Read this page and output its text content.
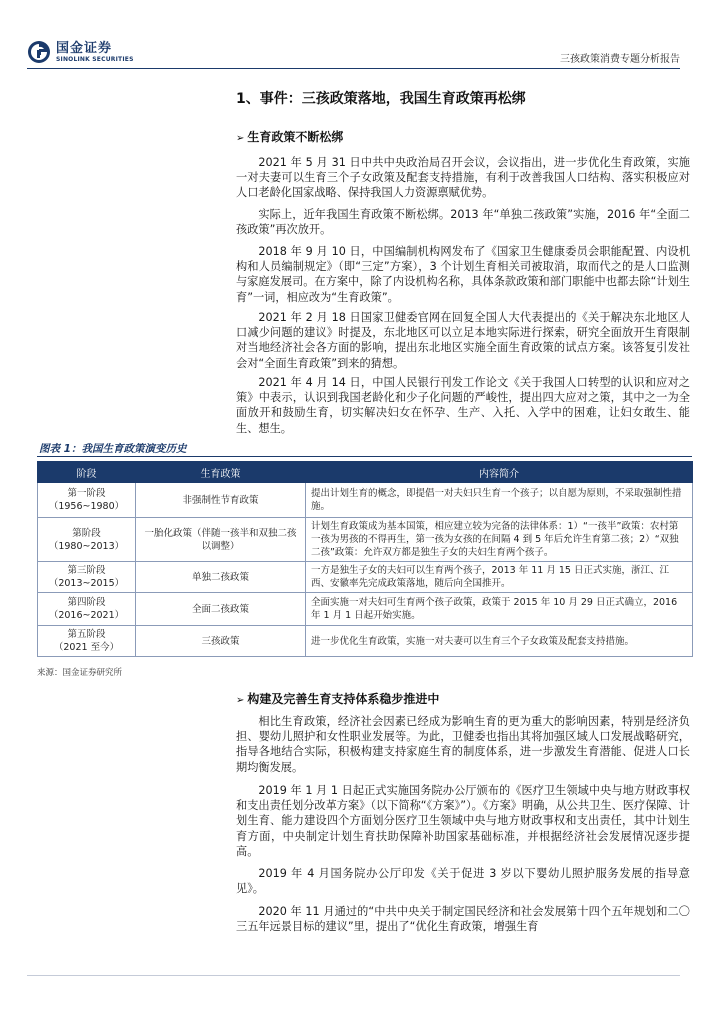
国金证券
SINOLINK SECURITIES	三孩政策消费专题分析报告
1、事件：三孩政策落地，我国生育政策再松绑
➢ 生育政策不断松绑

2021 年 5 月 31 日中共中央政治局召开会议，会议指出，进一步优化生育政策，实施一对夫妻可以生育三个子女政策及配套支持措施，有利于改善我国人口结构、落实积极应对人口老龄化国家战略、保持我国人力资源禀赋优势。

实际上，近年我国生育政策不断松绑。2013 年“单独二孩政策”实施，2016 年“全面二孩政策”再次放开。

2018 年 9 月 10 日，中国编制机构网发布了《国家卫生健康委员会职能配置、内设机构和人员编制规定》（即“三定”方案），3 个计划生育相关司被取消，取而代之的是人口监测与家庭发展司。在方案中，除了内设机构名称，具体条款政策和部门职能中也都去除“计划生育”一词，相应改为“生育政策”。

2021 年 2 月 18 日国家卫健委官网在回复全国人大代表提出的《关于解决东北地区人口减少问题的建议》时提及，东北地区可以立足本地实际进行探索，研究全面放开生育限制对当地经济社会各方面的影响，提出东北地区实施全面生育政策的试点方案。该答复引发社会对“全面生育政策”到来的猜想。

2021 年 4 月 14 日，中国人民银行刊发工作论文《关于我国人口转型的认识和应对之策》中表示，认识到我国老龄化和少子化问题的严峻性，提出四大应对之策，其中之一为全面放开和鼓励生育，切实解决妇女在怀孕、生产、入托、入学中的困难，让妇女敢生、能生、想生。

图表 1：我国生育政策演变历史
阶段	生育政策	内容简介

第一阶段
（1956~1980）	非强制性节育政策	提出计划生育的概念，即提倡一对夫妇只生育一个孩子；以自愿为原则，不采取强制性措施。

第阶段
（1980~2013）	一胎化政策（伴随一孩半和双独二孩以调整）	计划生育政策成为基本国策，相应建立较为完备的法律体系：1）“一孩半”政策：农村第一孩为男孩的不得再生，第一孩为女孩的在间隔 4 到 5 年后允许生育第二孩；2）“双独二孩”政策：允许双方都是独生子女的夫妇生育两个孩子。

第三阶段
（2013~2015）	单独二孩政策	一方是独生子女的夫妇可以生育两个孩子，2013 年 11 月 15 日正式实施，浙江、江西、安徽率先完成政策落地，随后向全国推开。

第四阶段
（2016~2021）	全面二孩政策	全面实施一对夫妇可生育两个孩子政策，政策于 2015 年 10 月 29 日正式确立，2016 年 1 月 1 日起开始实施。

第五阶段
（2021 至今）	三孩政策	进一步优化生育政策，实施一对夫妻可以生育三个子女政策及配套支持措施。
来源：国金证券研究所
➢ 构建及完善生育支持体系稳步推进中

相比生育政策，经济社会因素已经成为影响生育的更为重大的影响因素，特别是经济负担、婴幼儿照护和女性职业发展等。为此，卫健委也指出其将加强区域人口发展战略研究，指导各地结合实际，积极构建支持家庭生育的制度体系，进一步激发生育潜能、促进人口长期均衡发展。

2019 年 1 月 1 日起正式实施国务院办公厅颁布的《医疗卫生领域中央与地方财政事权和支出责任划分改革方案》（以下简称“《方案》”）。《方案》明确，从公共卫生、医疗保障、计划生育、能力建设四个方面划分医疗卫生领域中央与地方财政事权和支出责任，其中计划生育方面，中央制定计划生育扶助保障补助国家基础标准，并根据经济社会发展情况逐步提高。

2019 年 4 月国务院办公厅印发《关于促进 3 岁以下婴幼儿照护服务发展的指导意见》。

2020 年 11 月通过的“中共中央关于制定国民经济和社会发展第十四个五年规划和二〇三五年远景目标的建议”里，提出了“优化生育政策，增强生育
